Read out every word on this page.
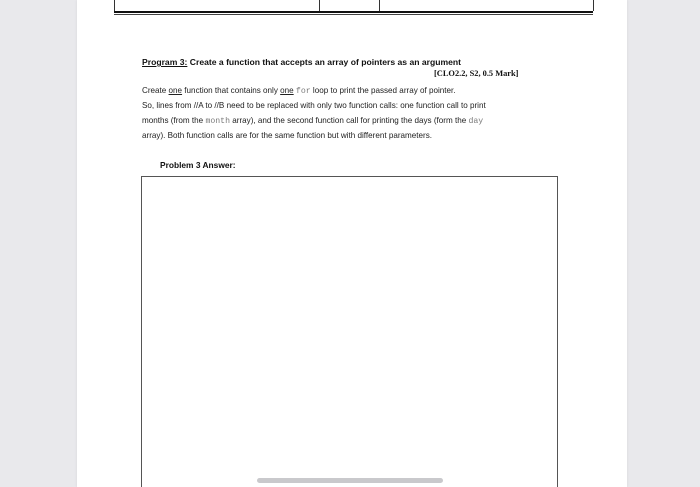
Program 3: Create a function that accepts an array of pointers as an argument
[CLO2.2, S2, 0.5 Mark]
Create one function that contains only one for loop to print the passed array of pointer.
So, lines from //A to //B need to be replaced with only two function calls: one function call to print
months (from the month array), and the second function call for printing the days (form the day
array). Both function calls are for the same function but with different parameters.
Problem 3 Answer:
